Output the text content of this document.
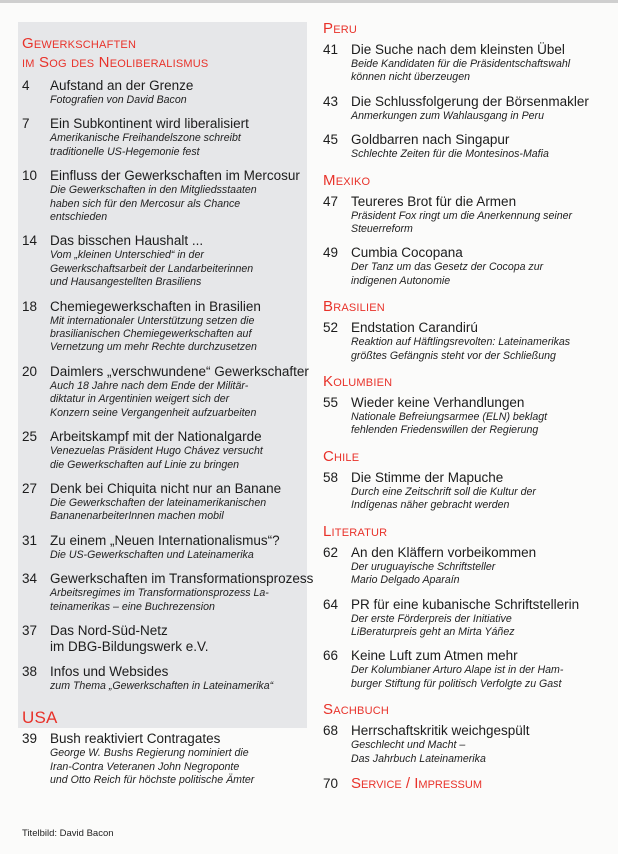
Gewerkschaften
im Sog des Neoliberalismus
4	Aufstand an der Grenze
Fotografien von David Bacon
7	Ein Subkontinent wird liberalisiert
Amerikanische Freihandelszone schreibt
traditionelle US-Hegemonie fest
10 Einfluss der Gewerkschaften im Mercosur
Die Gewerkschaften in den Mitgliedsstaaten
haben sich für den Mercosur als Chance
entschieden
14 Das bisschen Haushalt ...
Vom „kleinen Unterschied“ in der
Gewerkschaftsarbeit der Landarbeiterinnen
und Hausangestellten Brasiliens
18 Chemiegewerkschaften in Brasilien
Mit internationaler Unterstützung setzen die
brasilianischen Chemiegewerkschaften auf
Vernetzung um mehr Rechte durchzusetzen
20 Daimlers „verschwundene“ Gewerkschafter
Auch 18 Jahre nach dem Ende der Militär-
diktatur in Argentinien weigert sich der
Konzern seine Vergangenheit aufzuarbeiten
25 Arbeitskampf mit der Nationalgarde
Venezuelas Präsident Hugo Chávez versucht
die Gewerkschaften auf Linie zu bringen
27 Denk bei Chiquita nicht nur an Banane
Die Gewerkschaften der lateinamerikanischen
BananenarbeiterInnen machen mobil
31 Zu einem „Neuen Internationalismus“?
Die US-Gewerkschaften und Lateinamerika
34 Gewerkschaften im Transformationsprozess
Arbeitsregimes im Transformationsprozess La-
teinamerikas – eine Buchrezension
37 Das Nord-Süd-Netz
im DBG-Bildungswerk e.V.
38 Infos und Websides
zum Thema „Gewerkschaften in Lateinamerika“
USA
39 Bush reaktiviert Contragates
George W. Bushs Regierung nominiert die
Iran-Contra Veteranen John Negroponte
und Otto Reich für höchste politische Ämter
Titelbild: David Bacon
Peru
41 Die Suche nach dem kleinsten Übel
Beide Kandidaten für die Präsidentschaftswahl
können nicht überzeugen
43 Die Schlussfolgerung der Börsenmakler
Anmerkungen zum Wahlausgang in Peru
45 Goldbarren nach Singapur
Schlechte Zeiten für die Montesinos-Mafia
Mexiko
47 Teureres Brot für die Armen
Präsident Fox ringt um die Anerkennung seiner
Steuerreform
49 Cumbia Cocopana
Der Tanz um das Gesetz der Cocopa zur
indigenen Autonomie
Brasilien
52 Endstation Carandirú
Reaktion auf Häftlingsrevolten: Lateinamerikas
größtes Gefängnis steht vor der Schließung
Kolumbien
55 Wieder keine Verhandlungen
Nationale Befreiungsarmee (ELN) beklagt
fehlenden Friedenswillen der Regierung
Chile
58 Die Stimme der Mapuche
Durch eine Zeitschrift soll die Kultur der
Indígenas näher gebracht werden
Literatur
62 An den Kläffern vorbeikommen
Der uruguayische Schriftsteller
Mario Delgado Aparaín
64 PR für eine kubanische Schriftstellerin
Der erste Förderpreis der Initiative
LiBeraturpreis geht an Mirta Yáñez
66 Keine Luft zum Atmen mehr
Der Kolumbianer Arturo Alape ist in der Ham-
burger Stiftung für politisch Verfolgte zu Gast
Sachbuch
68 Herrschaftskritik weichgespült
Geschlecht und Macht –
Das Jahrbuch Lateinamerika
70 Service / Impressum
